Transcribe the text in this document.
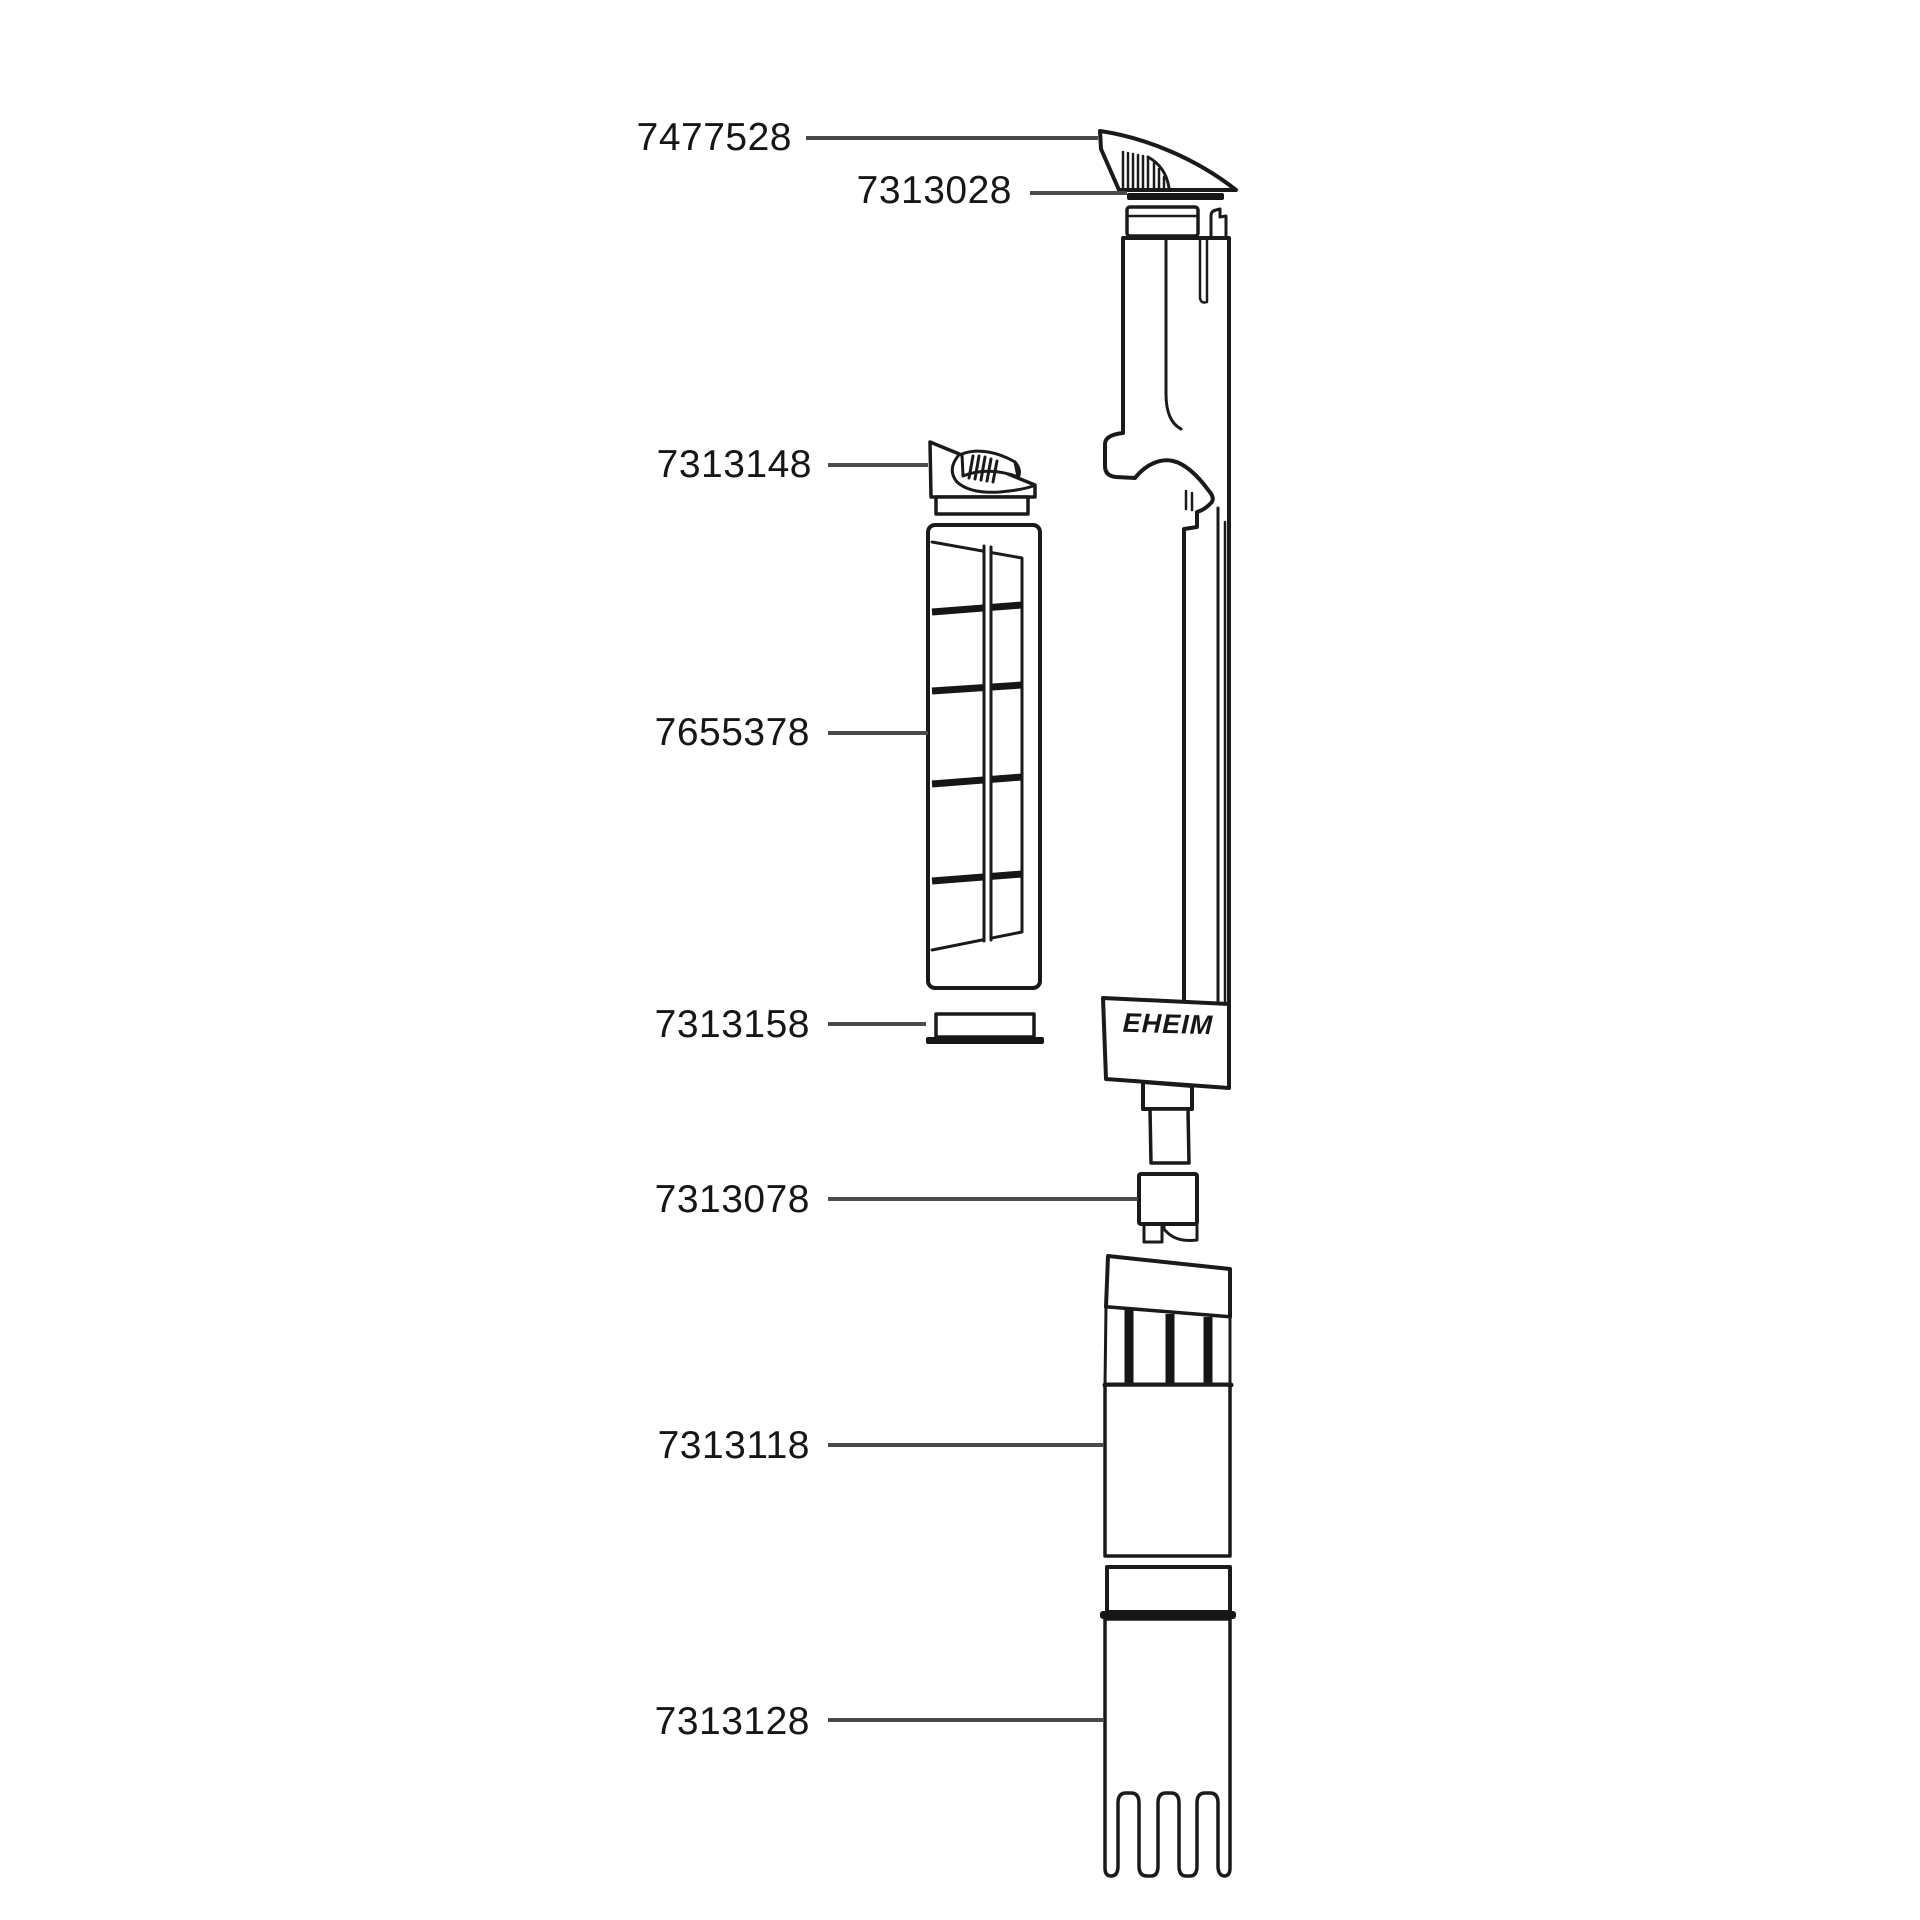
7477528
7313028
7313148
7655378
7313158
7313078
7313118
7313128
EHEIM
